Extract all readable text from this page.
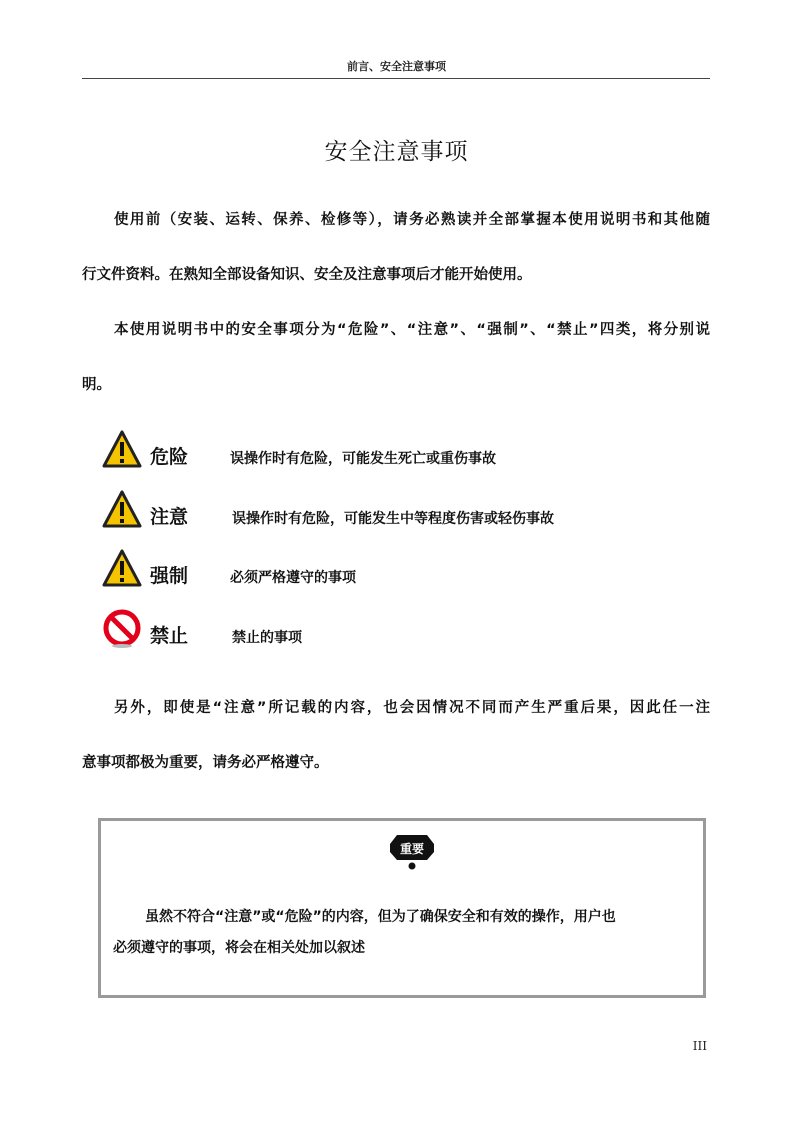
前言、安全注意事项
安全注意事项
使用前（安装、运转、保养、检修等），请务必熟读并全部掌握本使用说明书和其他随
行文件资料。在熟知全部设备知识、安全及注意事项后才能开始使用。
本使用说明书中的安全事项分为“危险”、“注意”、“强制”、“禁止”四类，将分别说
明。
危险	误操作时有危险，可能发生死亡或重伤事故
注意	误操作时有危险，可能发生中等程度伤害或轻伤事故
强制	必须严格遵守的事项
禁止	禁止的事项
另外，即使是“注意”所记载的内容，也会因情况不同而产生严重后果，因此任一注
意事项都极为重要，请务必严格遵守。
重要
虽然不符合“注意”或“危险”的内容，但为了确保安全和有效的操作，用户也
必须遵守的事项，将会在相关处加以叙述
III
